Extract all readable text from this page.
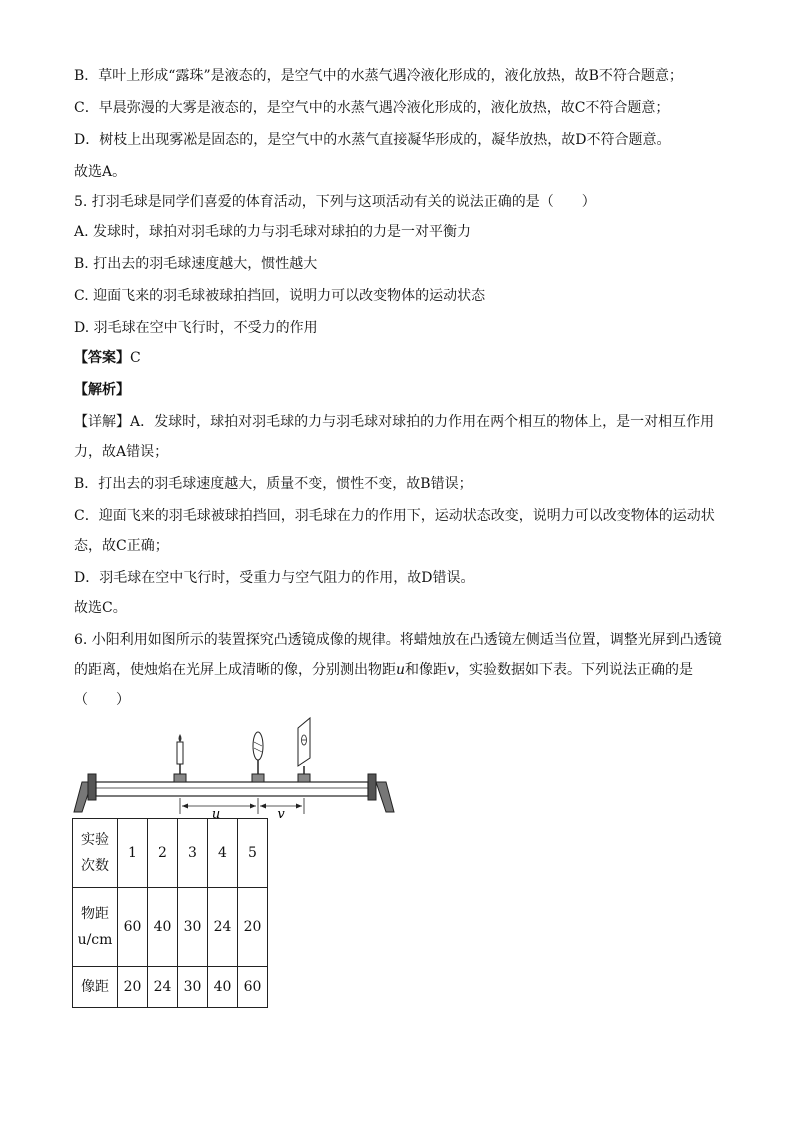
B．草叶上形成“露珠”是液态的，是空气中的水蒸气遇冷液化形成的，液化放热，故B不符合题意；
C．早晨弥漫的大雾是液态的，是空气中的水蒸气遇冷液化形成的，液化放热，故C不符合题意；
D．树枝上出现雾凇是固态的，是空气中的水蒸气直接凝华形成的，凝华放热，故D不符合题意。
故选A。
5. 打羽毛球是同学们喜爱的体育活动，下列与这项活动有关的说法正确的是（　　）
A. 发球时，球拍对羽毛球的力与羽毛球对球拍的力是一对平衡力
B. 打出去的羽毛球速度越大，惯性越大
C. 迎面飞来的羽毛球被球拍挡回，说明力可以改变物体的运动状态
D. 羽毛球在空中飞行时，不受力的作用
【答案】C
【解析】
【详解】A．发球时，球拍对羽毛球的力与羽毛球对球拍的力作用在两个相互的物体上，是一对相互作用
力，故A错误；
B．打出去的羽毛球速度越大，质量不变，惯性不变，故B错误；
C．迎面飞来的羽毛球被球拍挡回，羽毛球在力的作用下，运动状态改变，说明力可以改变物体的运动状
态，故C正确；
D．羽毛球在空中飞行时，受重力与空气阻力的作用，故D错误。
故选C。
6. 小阳利用如图所示的装置探究凸透镜成像的规律。将蜡烛放在凸透镜左侧适当位置，调整光屏到凸透镜
的距离，使烛焰在光屏上成清晰的像，分别测出物距u和像距v，实验数据如下表。下列说法正确的是
（　　）
u	v
实验
次数	1	2	3	4	5

物距
u/cm	60	40	30	24	20
像距	20	24	30	40	60
